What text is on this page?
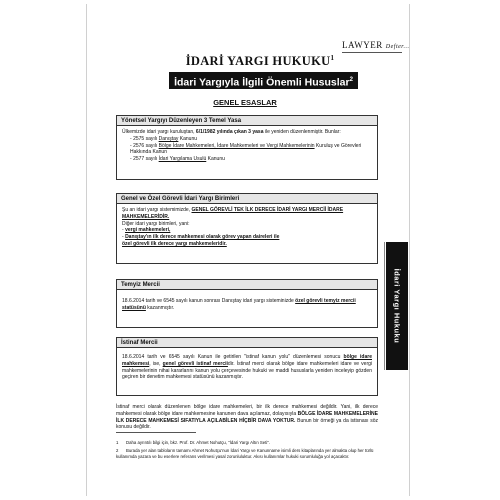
LAWYER Defter...
İDARİ YARGI HUKUKU$^1$
İdari Yargıyla İlgili Önemli Hususlar$^2$
GENEL ESASLAR
Yönetsel Yargıyı Düzenleyen 3 Temel Yasa
Ülkemizde idari yargı kuruluştan, 6/1/1982 yılında çıkan 3 yasa ile yeniden düzenlenmiştir. Bunlar:
- 2575 sayılı Danıştay Kanunu
- 2576 sayılı Bölge İdare Mahkemeleri, İdare Mahkemeleri ve Vergi Mahkemelerinin Kuruluş ve Görevleri Hakkında Kanun
- 2577 sayılı İdari Yargılama Usulü Kanunu
Genel ve Özel Görevli İdari Yargı Birimleri
Şu an idari yargı sistemimizde, GENEL GÖREVLİ TEK İLK DERECE İDARİ YARGI MERCİİ İDARE MAHKEMELERİDİR.
Diğer idari yargı birimleri, yani:
- vergi mahkemeleri,
- Danıştay'ın ilk derece mahkemesi olarak görev yapan daireleri ile
özel görevli ilk derece yargı mahkemeleridir.
Temyiz Mercii
18.6.2014 tarih ve 6545 sayılı kanun sonrası Danıştay idari yargı sisteminizde özel görevli temyiz mercii statüsünü kazanmıştır.
İstinaf Mercii
18.6.2014 tarih ve 6545 sayılı Kanun ile getirilen "istinaf kanun yolu" düzenlemesi sonucu bölge idare mahkemesi, ise, genel görevli istinaf merciidir. İstinaf merci olarak bölge idare mahkemeleri idare ve vergi mahkemelerinin nihai kararlarını kanun yolu çerçevesinde hukuki ve maddi hususlarla yeniden inceleyip gözden geçiren bir denetim mahkemesi statüsünü kazanmıştır.
İstinaf merci olarak düzenlenen bölge idare mahkemeleri, bir ilk derece mahkemesi değildir. Yani, ilk derece mahkemesi olarak bölge idare mahkemesine kanunen dava açılamaz, dolayısıyla BÖLGE İDARE MAHKEMELERİNE İLK DERECE MAHKEMESİ SIFATIYLA AÇILABİLEN HİÇBİR DAVA YOKTUR. Bunun bir örneği ya da istisnası söz konusu değildir.
1 Daha ayrıntılı bilgi için, bkz. Prof. Dr. Ahmet Nohutçu, "İdari Yargı Altın Seti".
2 Burada yer alan tabloların tamamı Ahmet Nohutçu'nun İdari Yargı ve Kanunname isimli ders kitaplarında yer almakta olup her türlü kullanımda yazara ve bu eserlere referans verilmesi yasal zorunluluktur. Akısı kullanımlar hukuki sorumluluğa yol açacaktır.
İdari Yargı Hukuku
